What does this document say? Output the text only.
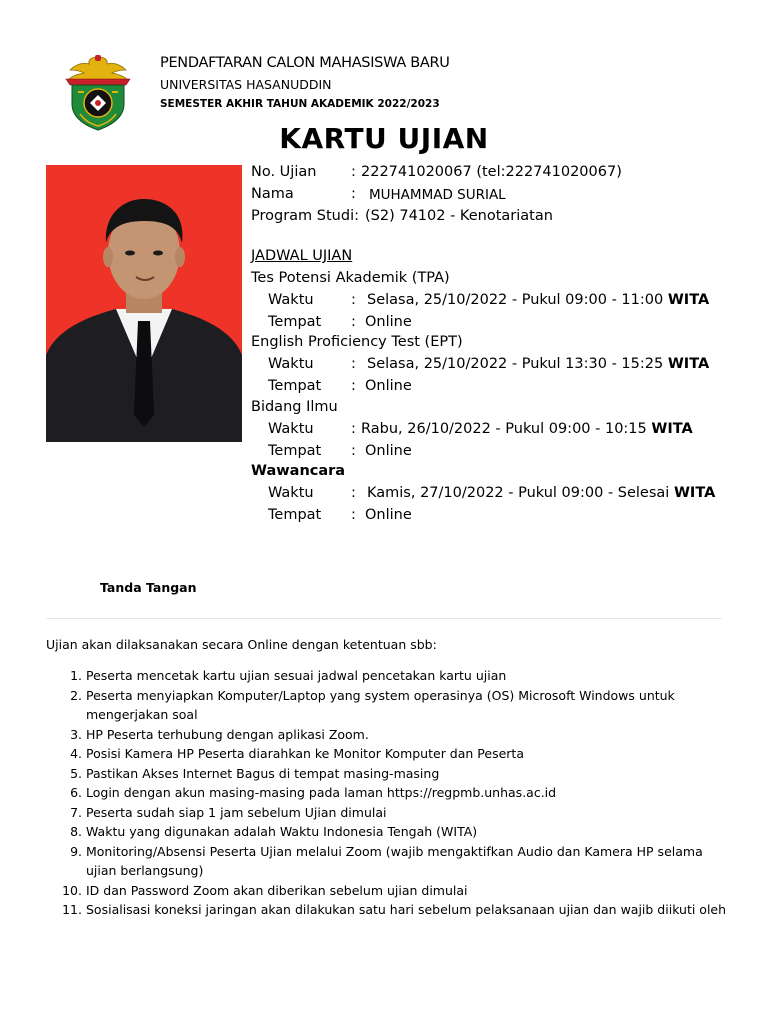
PENDAFTARAN CALON MAHASISWA BARU
UNIVERSITAS HASANUDDIN
SEMESTER AKHIR TAHUN AKADEMIK 2022/2023
KARTU UJIAN
No. Ujian : 222741020067 (tel:222741020067)
Nama	: MUHAMMAD SURIAL
Program Studi: (S2) 74102 - Kenotariatan
JADWAL UJIAN
Tes Potensi Akademik (TPA)
Waktu	: Selasa, 25/10/2022 - Pukul 09:00 - 11:00 WITA
Tempat : Online
English Proficiency Test (EPT)
Waktu	: Selasa, 25/10/2022 - Pukul 13:30 - 15:25 WITA
Tempat : Online
Bidang Ilmu
Waktu	: Rabu, 26/10/2022 - Pukul 09:00 - 10:15 WITA
Tempat : Online
Wawancara
Waktu	: Kamis, 27/10/2022 - Pukul 09:00 - Selesai WITA
Tempat : Online
Tanda Tangan
Ujian akan dilaksanakan secara Online dengan ketentuan sbb:
1. Peserta mencetak kartu ujian sesuai jadwal pencetakan kartu ujian
2. Peserta menyiapkan Komputer/Laptop yang system operasinya (OS) Microsoft Windows untuk mengerjakan soal
3. HP Peserta terhubung dengan aplikasi Zoom.
4. Posisi Kamera HP Peserta diarahkan ke Monitor Komputer dan Peserta
5. Pastikan Akses Internet Bagus di tempat masing-masing
6. Login dengan akun masing-masing pada laman https://regpmb.unhas.ac.id
7. Peserta sudah siap 1 jam sebelum Ujian dimulai
8. Waktu yang digunakan adalah Waktu Indonesia Tengah (WITA)
9. Monitoring/Absensi Peserta Ujian melalui Zoom (wajib mengaktifkan Audio dan Kamera HP selama ujian berlangsung)
10. ID dan Password Zoom akan diberikan sebelum ujian dimulai
11. Sosialisasi koneksi jaringan akan dilakukan satu hari sebelum pelaksanaan ujian dan wajib diikuti oleh
